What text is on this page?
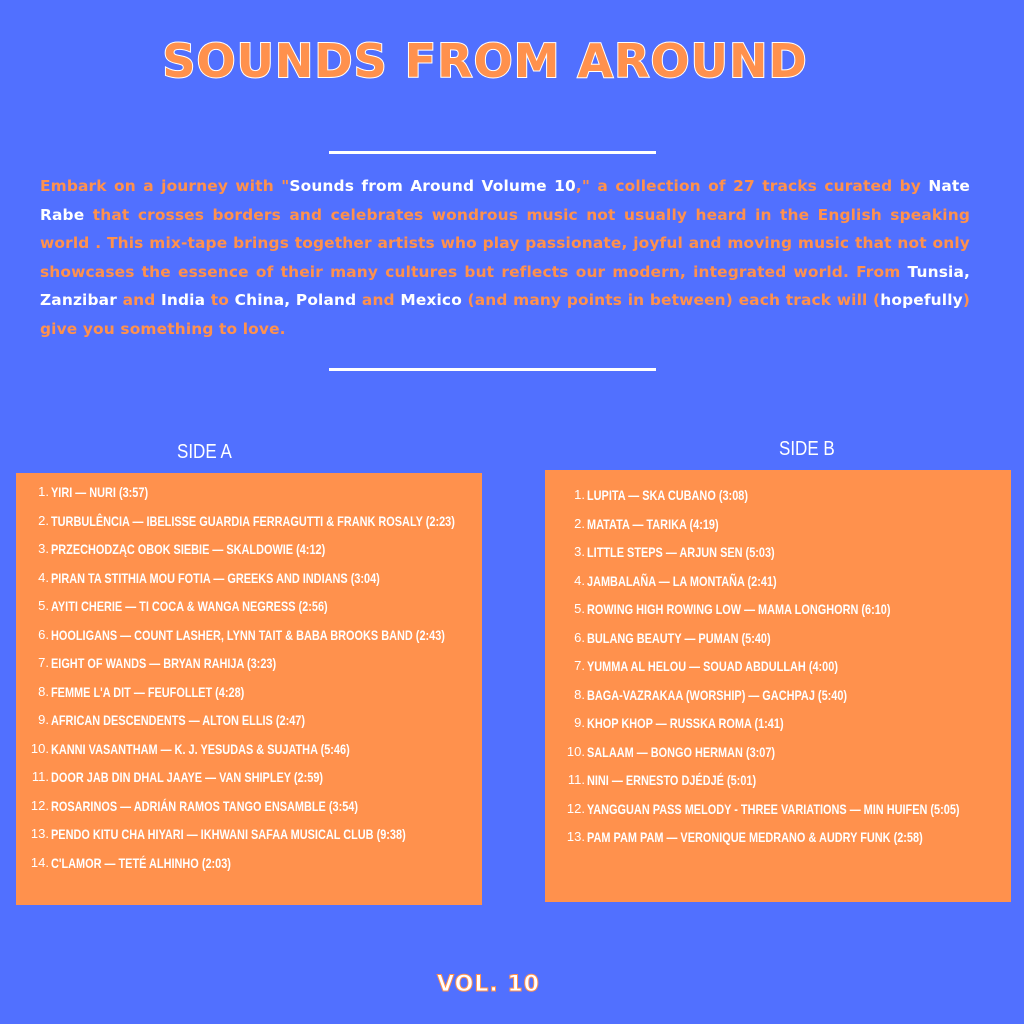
SOUNDS FROM AROUND
Embark on a journey with "Sounds from Around Volume 10," a collection of 27 tracks curated by Nate Rabe that crosses borders and celebrates wondrous music not usually heard in the English speaking world . This mix-tape brings together artists who play passionate, joyful and moving music that not only showcases the essence of their many cultures but reflects our modern, integrated world. From Tunsia, Zanzibar and India to China, Poland and Mexico (and many points in between) each track will (hopefully) give you something to love.
SIDE A	SIDE B
1. YIRI — NURI (3:57)
2. TURBULÊNCIA — IBELISSE GUARDIA FERRAGUTTI & FRANK ROSALY (2:23)
3. PRZECHODZĄC OBOK SIEBIE — SKALDOWIE (4:12)
4. PIRAN TA STITHIA MOU FOTIA — GREEKS AND INDIANS (3:04)
5. AYITI CHERIE — TI COCA & WANGA NEGRESS (2:56)
6. HOOLIGANS — COUNT LASHER, LYNN TAIT & BABA BROOKS BAND (2:43)
7. EIGHT OF WANDS — BRYAN RAHIJA (3:23)
8. FEMME L'A DIT — FEUFOLLET (4:28)
9. AFRICAN DESCENDENTS — ALTON ELLIS (2:47)
10. KANNI VASANTHAM — K. J. YESUDAS & SUJATHA (5:46)
11. DOOR JAB DIN DHAL JAAYE — VAN SHIPLEY (2:59)
12. ROSARINOS — ADRIÁN RAMOS TANGO ENSAMBLE (3:54)
13. PENDO KITU CHA HIYARI — IKHWANI SAFAA MUSICAL CLUB (9:38)
14. C'LAMOR — TETÉ ALHINHO (2:03)
1. LUPITA — SKA CUBANO (3:08)
2. MATATA — TARIKA (4:19)
3. LITTLE STEPS — ARJUN SEN (5:03)
4. JAMBALAÑA — LA MONTAÑA (2:41)
5. ROWING HIGH ROWING LOW — MAMA LONGHORN (6:10)
6. BULANG BEAUTY — PUMAN (5:40)
7. YUMMA AL HELOU — SOUAD ABDULLAH (4:00)
8. BAGA-VAZRAKAA (WORSHIP) — GACHPAJ (5:40)
9. KHOP KHOP — RUSSKA ROMA (1:41)
10. SALAAM — BONGO HERMAN (3:07)
11. NINI — ERNESTO DJÉDJÉ (5:01)
12. YANGGUAN PASS MELODY - THREE VARIATIONS — MIN HUIFEN (5:05)
13. PAM PAM PAM — VERONIQUE MEDRANO & AUDRY FUNK (2:58)
VOL. 10
